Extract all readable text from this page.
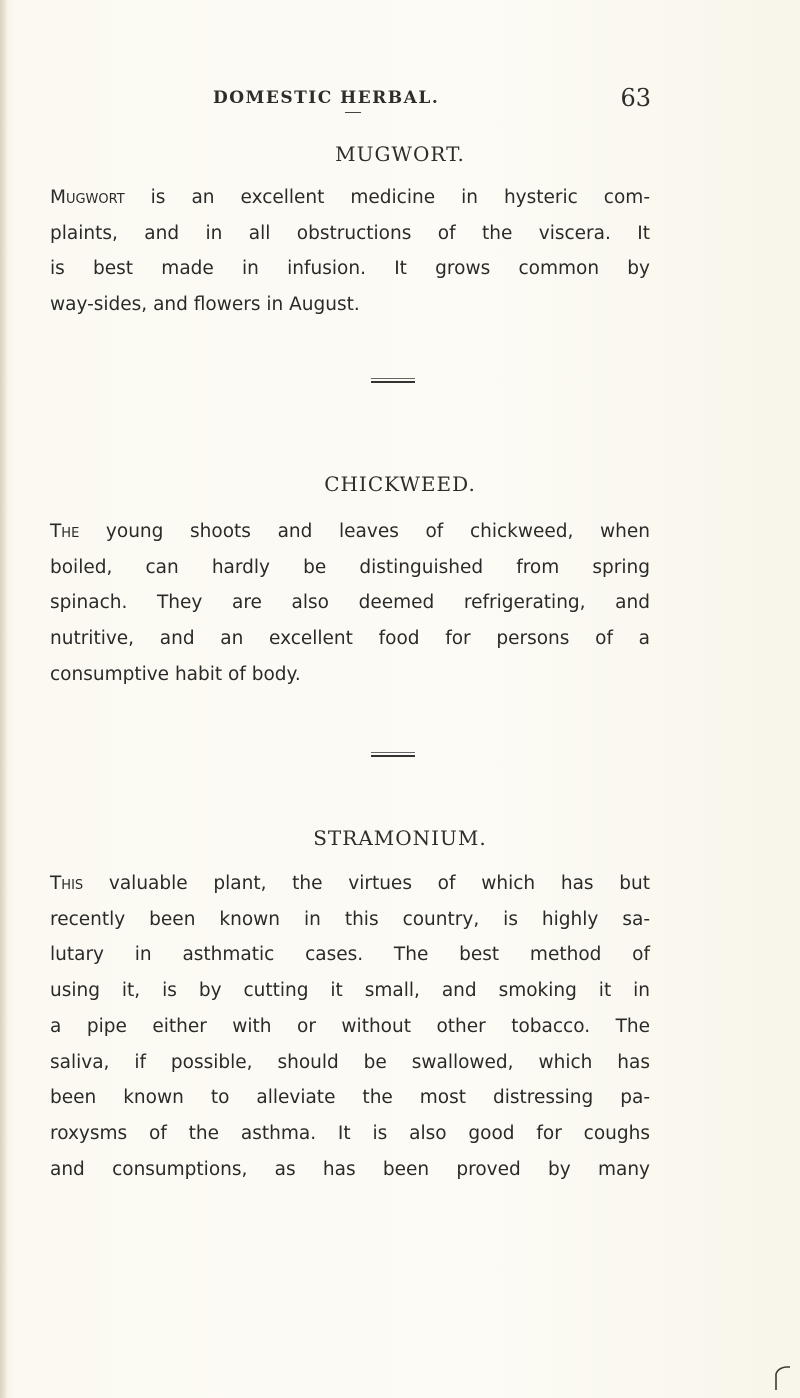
DOMESTIC HERBAL.	63
MUGWORT.
Mugwort is an excellent medicine in hysteric com-
plaints, and in all obstructions of the viscera. It
is best made in infusion. It grows common by
way-sides, and flowers in August.
CHICKWEED.
The young shoots and leaves of chickweed, when
boiled, can hardly be distinguished from spring
spinach. They are also deemed refrigerating, and
nutritive, and an excellent food for persons of a
consumptive habit of body.
STRAMONIUM.
This valuable plant, the virtues of which has but
recently been known in this country, is highly sa-
lutary in asthmatic cases. The best method of
using it, is by cutting it small, and smoking it in
a pipe either with or without other tobacco. The
saliva, if possible, should be swallowed, which has
been known to alleviate the most distressing pa-
roxysms of the asthma. It is also good for coughs
and consumptions, as has been proved by many
